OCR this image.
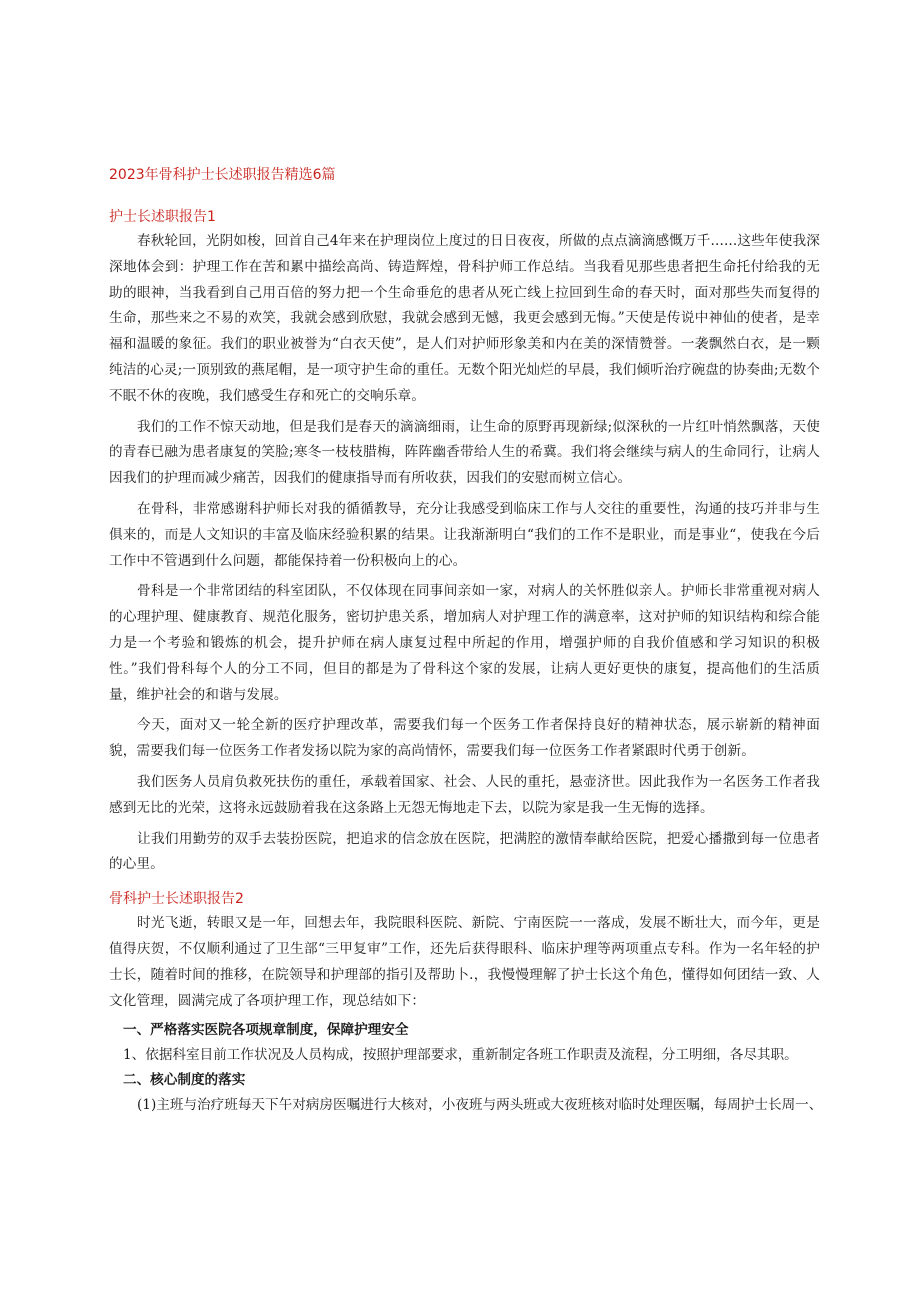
2023年骨科护士长述职报告精选6篇

护士长述职报告1

春秋轮回，光阴如梭，回首自己4年来在护理岗位上度过的日日夜夜，所做的点点滴滴感慨万千......这些年使我深深地体会到：护理工作在苦和累中描绘高尚、铸造辉煌，骨科护师工作总结。当我看见那些患者把生命托付给我的无助的眼神，当我看到自己用百倍的努力把一个生命垂危的患者从死亡线上拉回到生命的春天时，面对那些失而复得的生命，那些来之不易的欢笑，我就会感到欣慰，我就会感到无憾，我更会感到无悔。”天使是传说中神仙的使者，是幸福和温暖的象征。我们的职业被誉为“白衣天使”，是人们对护师形象美和内在美的深情赞誉。一袭飘然白衣，是一颗纯洁的心灵;一顶别致的燕尾帽，是一项守护生命的重任。无数个阳光灿烂的早晨，我们倾听治疗碗盘的协奏曲;无数个不眠不休的夜晚，我们感受生存和死亡的交响乐章。

我们的工作不惊天动地，但是我们是春天的滴滴细雨，让生命的原野再现新绿;似深秋的一片红叶悄然飘落，天使的青春已融为患者康复的笑脸;寒冬一枝枝腊梅，阵阵幽香带给人生的希冀。我们将会继续与病人的生命同行，让病人因我们的护理而减少痛苦，因我们的健康指导而有所收获，因我们的安慰而树立信心。

在骨科，非常感谢科护师长对我的循循教导，充分让我感受到临床工作与人交往的重要性，沟通的技巧并非与生俱来的，而是人文知识的丰富及临床经验积累的结果。让我渐渐明白“我们的工作不是职业，而是事业“，使我在今后工作中不管遇到什么问题，都能保持着一份积极向上的心。

骨科是一个非常团结的科室团队，不仅体现在同事间亲如一家，对病人的关怀胜似亲人。护师长非常重视对病人的心理护理、健康教育、规范化服务，密切护患关系，增加病人对护理工作的满意率，这对护师的知识结构和综合能力是一个考验和锻炼的机会，提升护师在病人康复过程中所起的作用，增强护师的自我价值感和学习知识的积极性。”我们骨科每个人的分工不同，但目的都是为了骨科这个家的发展，让病人更好更快的康复，提高他们的生活质量，维护社会的和谐与发展。

今天，面对又一轮全新的医疗护理改革，需要我们每一个医务工作者保持良好的精神状态，展示崭新的精神面貌，需要我们每一位医务工作者发扬以院为家的高尚情怀，需要我们每一位医务工作者紧跟时代勇于创新。

我们医务人员肩负救死扶伤的重任，承载着国家、社会、人民的重托，悬壶济世。因此我作为一名医务工作者我感到无比的光荣，这将永远鼓励着我在这条路上无怨无悔地走下去，以院为家是我一生无悔的选择。

让我们用勤劳的双手去装扮医院，把追求的信念放在医院，把满腔的激情奉献给医院，把爱心播撒到每一位患者的心里。

骨科护士长述职报告2

时光飞逝，转眼又是一年，回想去年，我院眼科医院、新院、宁南医院一一落成，发展不断壮大，而今年，更是值得庆贺，不仅顺利通过了卫生部“三甲复审”工作，还先后获得眼科、临床护理等两项重点专科。作为一名年轻的护士长，随着时间的推移，在院领导和护理部的指引及帮助卜.，我慢慢理解了护士长这个角色，懂得如何团结一致、人文化管理，圆满完成了各项护理工作，现总结如下：

一、严格落实医院各项规章制度，保障护理安全

1、依据科室目前工作状况及人员构成，按照护理部要求，重新制定各班工作职责及流程，分工明细，各尽其职。

二、核心制度的落实

(1)主班与治疗班每天下午对病房医嘱进行大核对，小夜班与两头班或大夜班核对临时处理医嘱，每周护士长周一、
